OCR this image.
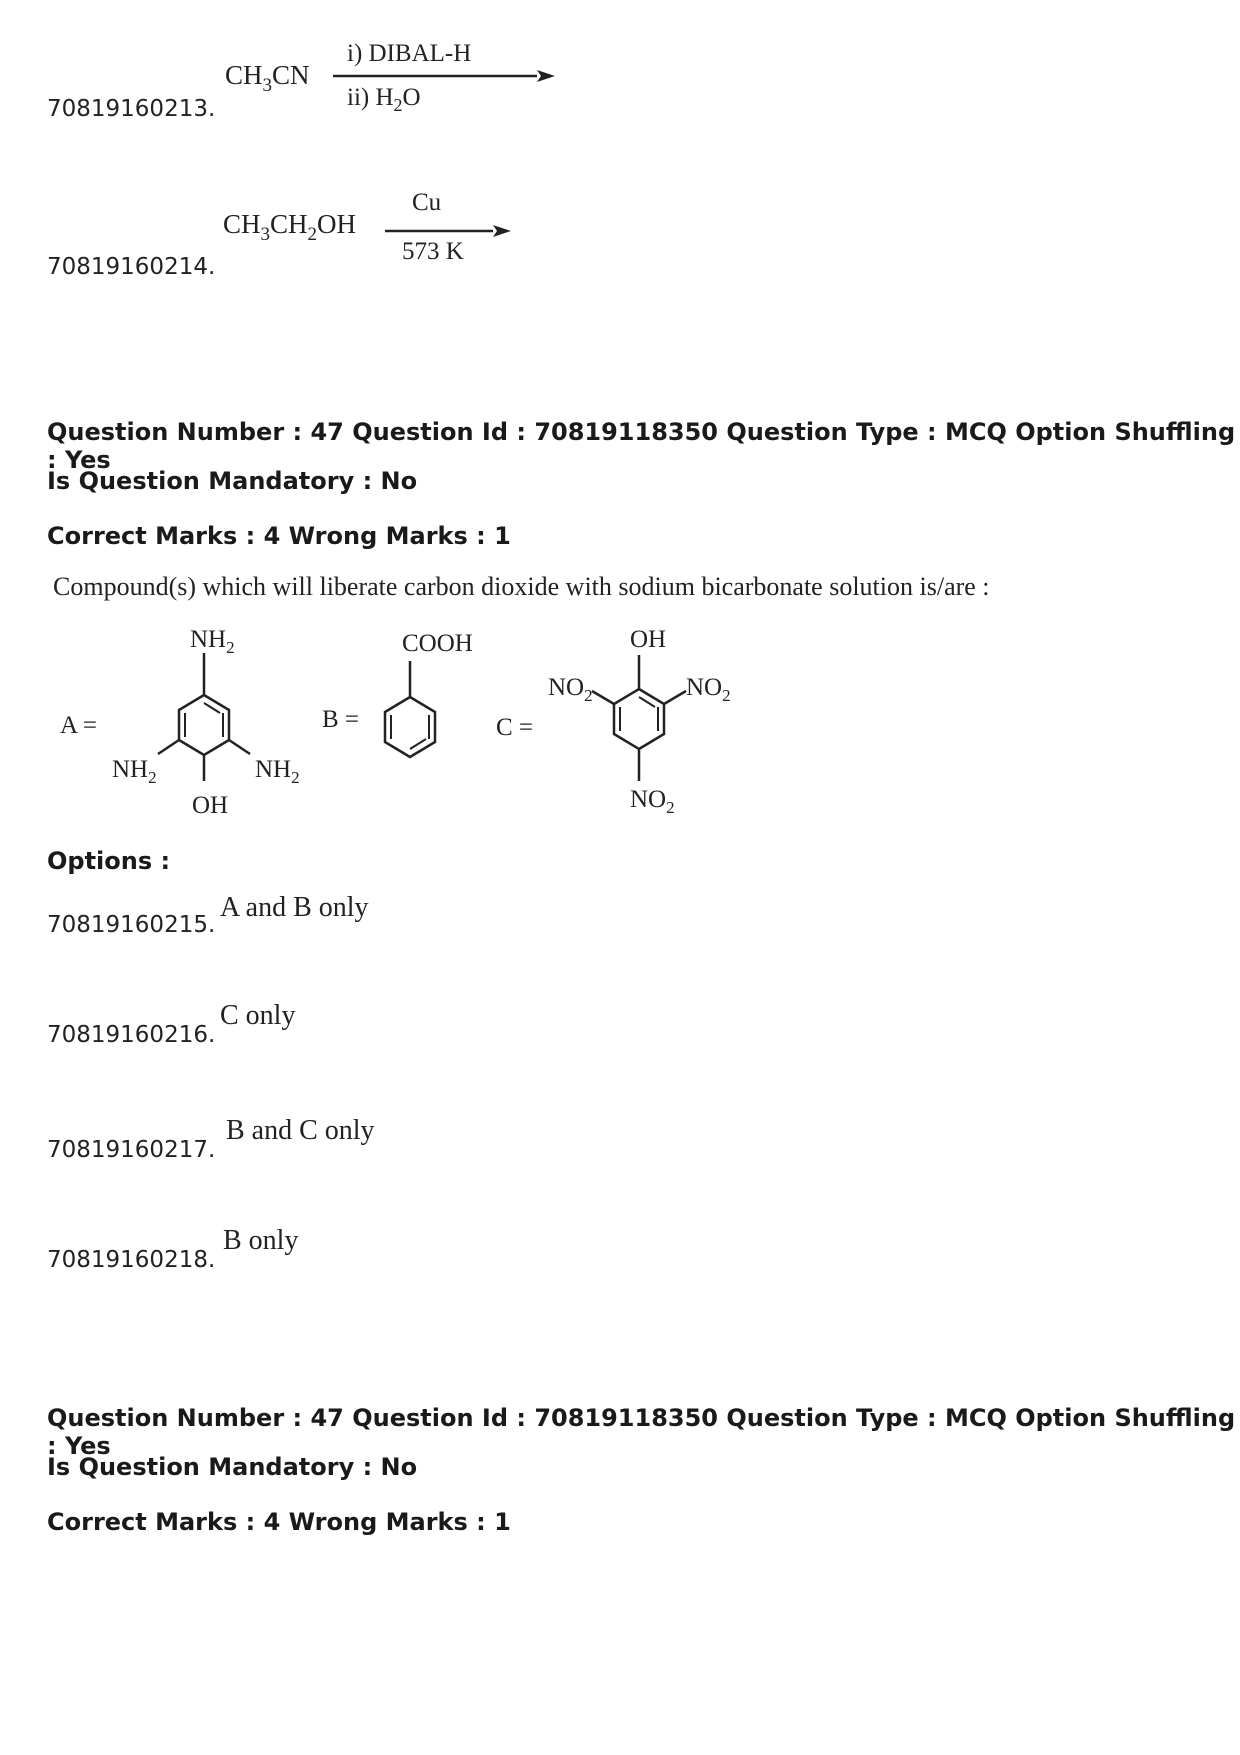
70819160213.
$CH_3CN$
i) DIBAL-H
ii) $H_2O$
70819160214.
$CH_3CH_2OH$
Cu
573 K
Question Number : 47 Question Id : 70819118350 Question Type : MCQ Option Shuffling : Yes
Is Question Mandatory : No
Correct Marks : 4 Wrong Marks : 1
Compound(s) which will liberate carbon dioxide with sodium bicarbonate solution is/are :
A =
$NH_2$
$NH_2$	$NH_2$
OH
B =
COOH
C =
OH
$NO_2$	$NO_2$
$NO_2$
Options :
70819160215.
A and B only
70819160216.
C only
70819160217.
B and C only
70819160218.
B only
Question Number : 47 Question Id : 70819118350 Question Type : MCQ Option Shuffling : Yes
Is Question Mandatory : No
Correct Marks : 4 Wrong Marks : 1
